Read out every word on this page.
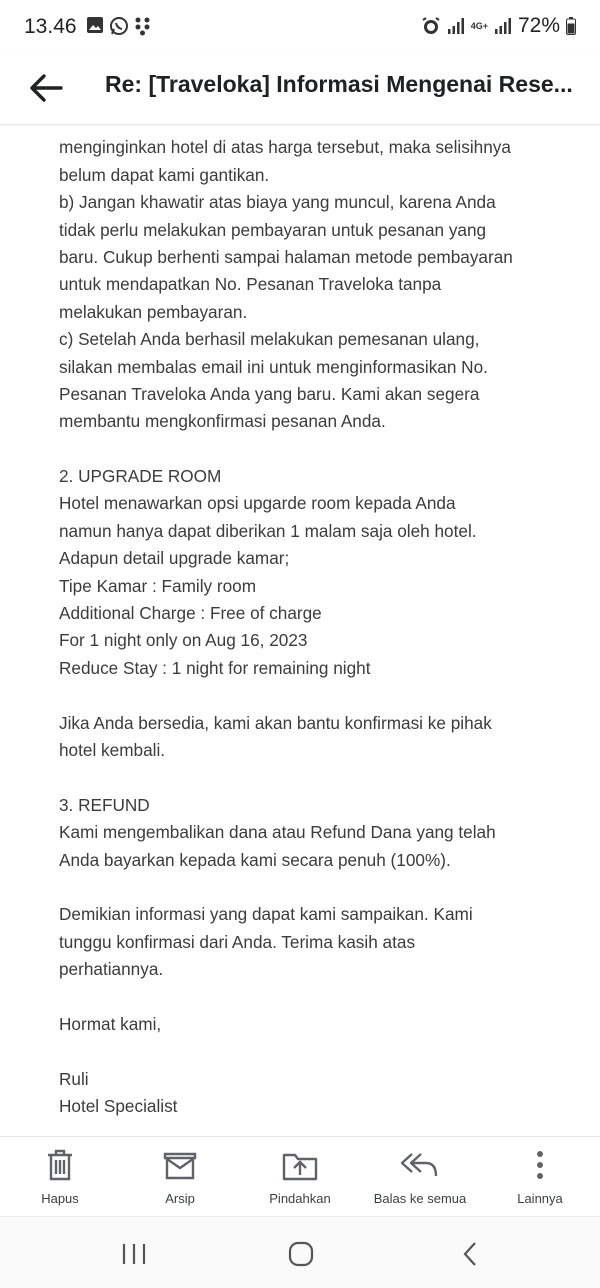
13.46	4G+ 72%
Re: [Traveloka] Informasi Mengenai Rese...
menginginkan hotel di atas harga tersebut, maka selisihnya
belum dapat kami gantikan.
b) Jangan khawatir atas biaya yang muncul, karena Anda
tidak perlu melakukan pembayaran untuk pesanan yang
baru. Cukup berhenti sampai halaman metode pembayaran
untuk mendapatkan No. Pesanan Traveloka tanpa
melakukan pembayaran.
c) Setelah Anda berhasil melakukan pemesanan ulang,
silakan membalas email ini untuk menginformasikan No.
Pesanan Traveloka Anda yang baru. Kami akan segera
membantu mengkonfirmasi pesanan Anda.
2. UPGRADE ROOM
Hotel menawarkan opsi upgarde room kepada Anda
namun hanya dapat diberikan 1 malam saja oleh hotel.
Adapun detail upgrade kamar;
Tipe Kamar : Family room
Additional Charge : Free of charge
For 1 night only on Aug 16, 2023
Reduce Stay : 1 night for remaining night
Jika Anda bersedia, kami akan bantu konfirmasi ke pihak
hotel kembali.
3. REFUND
Kami mengembalikan dana atau Refund Dana yang telah
Anda bayarkan kepada kami secara penuh (100%).
Demikian informasi yang dapat kami sampaikan. Kami
tunggu konfirmasi dari Anda. Terima kasih atas
perhatiannya.
Hormat kami,
Ruli
Hotel Specialist
Hapus	Arsip	Pindahkan	Balas ke semua	Lainnya
